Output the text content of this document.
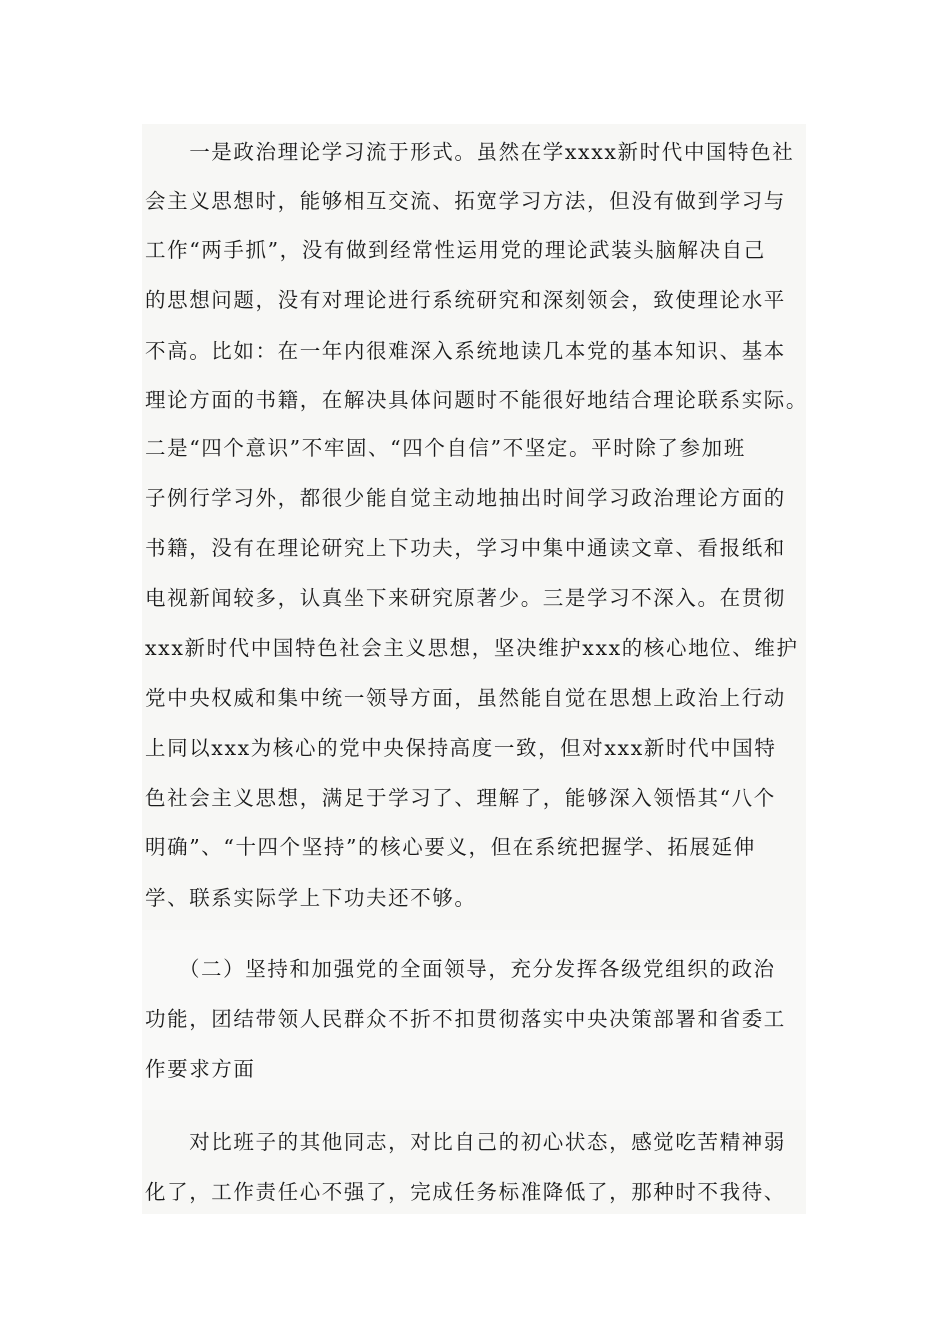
　　一是政治理论学习流于形式。虽然在学xxxx新时代中国特色社
会主义思想时，能够相互交流、拓宽学习方法，但没有做到学习与
工作“两手抓”，没有做到经常性运用党的理论武装头脑解决自己
的思想问题，没有对理论进行系统研究和深刻领会，致使理论水平
不高。比如：在一年内很难深入系统地读几本党的基本知识、基本
理论方面的书籍，在解决具体问题时不能很好地结合理论联系实际。
二是“四个意识”不牢固、“四个自信”不坚定。平时除了参加班
子例行学习外，都很少能自觉主动地抽出时间学习政治理论方面的
书籍，没有在理论研究上下功夫，学习中集中通读文章、看报纸和
电视新闻较多，认真坐下来研究原著少。三是学习不深入。在贯彻
xxx新时代中国特色社会主义思想，坚决维护xxx的核心地位、维护
党中央权威和集中统一领导方面，虽然能自觉在思想上政治上行动
上同以xxx为核心的党中央保持高度一致，但对xxx新时代中国特
色社会主义思想，满足于学习了、理解了，能够深入领悟其“八个
明确”、“十四个坚持”的核心要义，但在系统把握学、拓展延伸
学、联系实际学上下功夫还不够。
　　（二）坚持和加强党的全面领导，充分发挥各级党组织的政治
功能，团结带领人民群众不折不扣贯彻落实中央决策部署和省委工
作要求方面
　　对比班子的其他同志，对比自己的初心状态，感觉吃苦精神弱
化了，工作责任心不强了，完成任务标准降低了，那种时不我待、
